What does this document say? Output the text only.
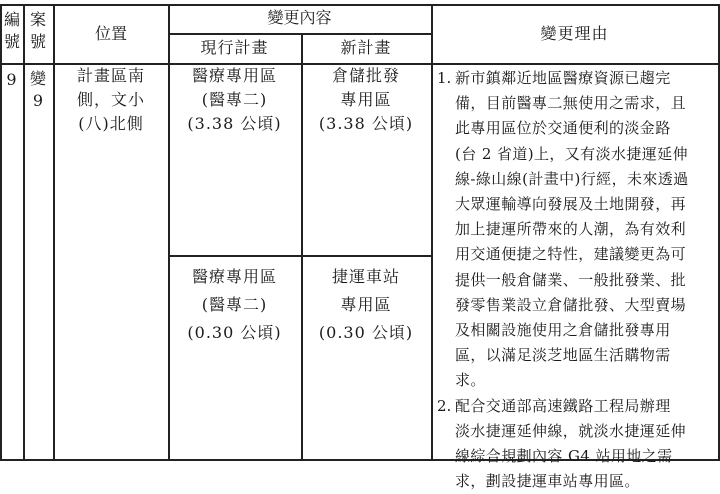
編號
案號	位置
變更內容
現行計畫	新計畫
變更理由
9 變9
計畫區南
側，文小
(八)北側
醫療專用區
(醫專二)
(3.38 公頃)
倉儲批發
專用區
(3.38 公頃)
醫療專用區
(醫專二)
(0.30 公頃)
捷運車站
專用區
(0.30 公頃)
1. 新市鎮鄰近地區醫療資源已趨完
備，目前醫專二無使用之需求，且
此專用區位於交通便利的淡金路
(台 2 省道)上，又有淡水捷運延伸
線-綠山線(計畫中)行經，未來透過
大眾運輸導向發展及土地開發，再
加上捷運所帶來的人潮，為有效利
用交通便捷之特性，建議變更為可
提供一般倉儲業、一般批發業、批
發零售業設立倉儲批發、大型賣場
及相關設施使用之倉儲批發專用
區，以滿足淡芝地區生活購物需
求。
2. 配合交通部高速鐵路工程局辦理
淡水捷運延伸線，就淡水捷運延伸
線綜合規劃內容 G4 站用地之需
求，劃設捷運車站專用區。
